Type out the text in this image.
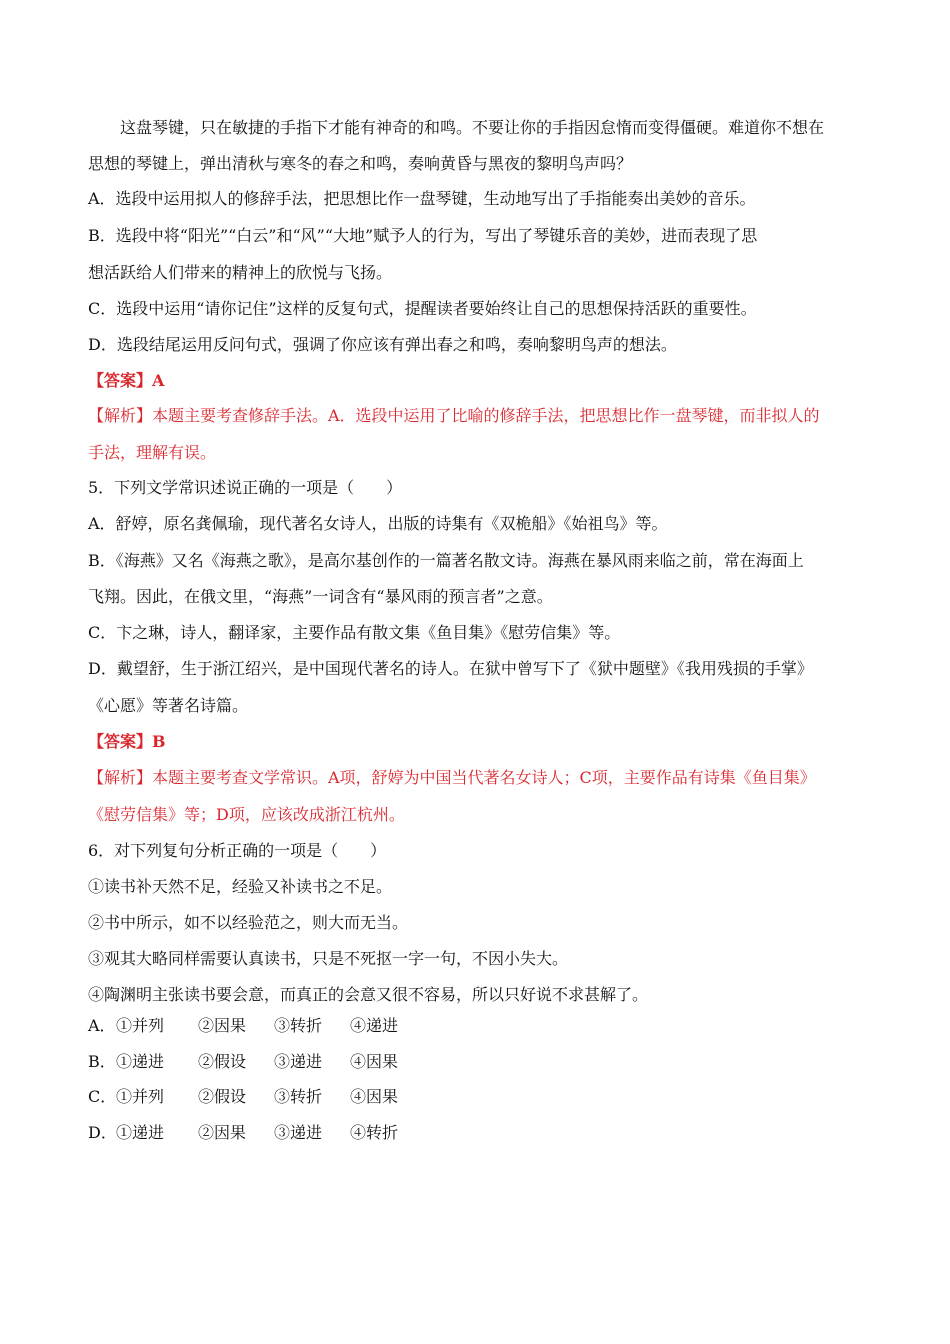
这盘琴键，只在敏捷的手指下才能有神奇的和鸣。不要让你的手指因怠惰而变得僵硬。难道你不想在
思想的琴键上，弹出清秋与寒冬的春之和鸣，奏响黄昏与黑夜的黎明鸟声吗？
A．选段中运用拟人的修辞手法，把思想比作一盘琴键，生动地写出了手指能奏出美妙的音乐。
B．选段中将“阳光”“白云”和“风”“大地”赋予人的行为，写出了琴键乐音的美妙，进而表现了思
想活跃给人们带来的精神上的欣悦与飞扬。
C．选段中运用“请你记住”这样的反复句式，提醒读者要始终让自己的思想保持活跃的重要性。
D．选段结尾运用反问句式，强调了你应该有弹出春之和鸣，奏响黎明鸟声的想法。
【答案】A
【解析】本题主要考查修辞手法。A．选段中运用了比喻的修辞手法，把思想比作一盘琴键，而非拟人的
手法，理解有误。
5．下列文学常识述说正确的一项是（　　）
A．舒婷，原名龚佩瑜，现代著名女诗人，出版的诗集有《双桅船》《始祖鸟》等。
B．《海燕》又名《海燕之歌》，是高尔基创作的一篇著名散文诗。海燕在暴风雨来临之前，常在海面上
飞翔。因此，在俄文里，“海燕”一词含有“暴风雨的预言者”之意。
C．卞之琳，诗人，翻译家，主要作品有散文集《鱼目集》《慰劳信集》等。
D．戴望舒，生于浙江绍兴，是中国现代著名的诗人。在狱中曾写下了《狱中题壁》《我用残损的手掌》
《心愿》等著名诗篇。
【答案】B
【解析】本题主要考查文学常识。A项，舒婷为中国当代著名女诗人；C项，主要作品有诗集《鱼目集》
《慰劳信集》等；D项，应该改成浙江杭州。
6．对下列复句分析正确的一项是（　　）
①读书补天然不足，经验又补读书之不足。
②书中所示，如不以经验范之，则大而无当。
③观其大略同样需要认真读书，只是不死抠一字一句，不因小失大。
④陶渊明主张读书要会意，而真正的会意又很不容易，所以只好说不求甚解了。
A．①并列 ②因果 ③转折 ④递进
B．①递进 ②假设 ③递进 ④因果
C．①并列 ②假设 ③转折 ④因果
D．①递进 ②因果 ③递进 ④转折
